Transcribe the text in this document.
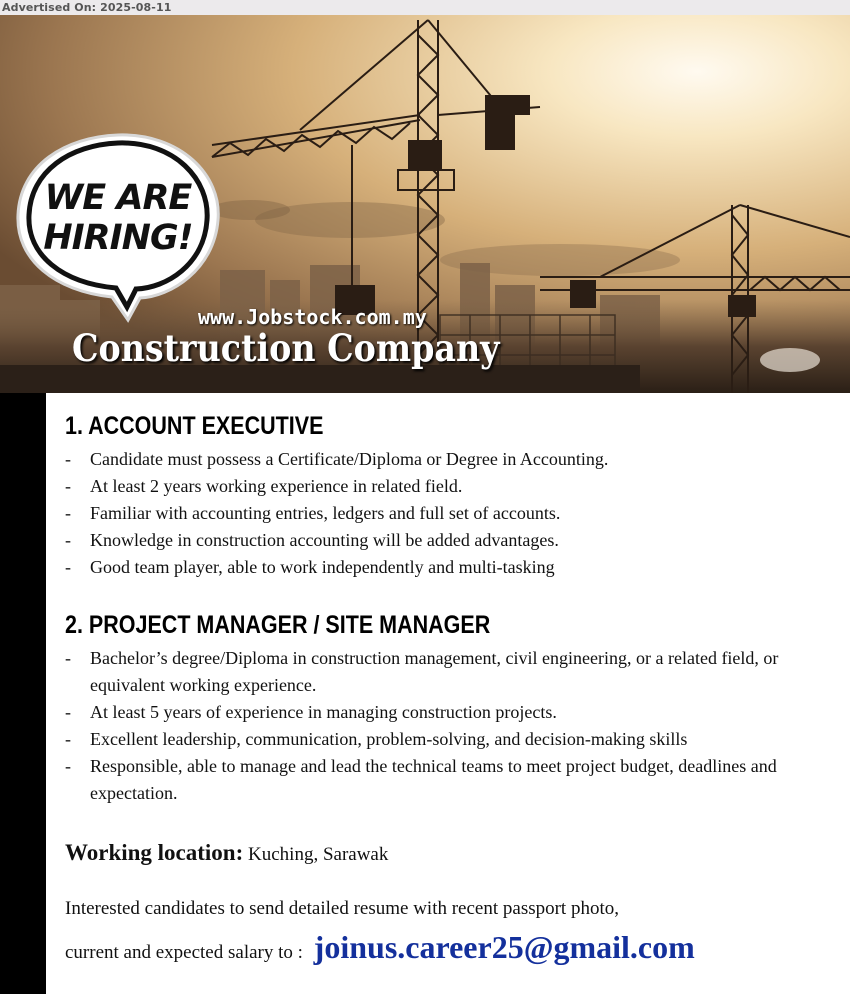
Advertised On: 2025-08-11
WE ARE
HIRING!
www.Jobstock.com.my
Construction Company
1. ACCOUNT EXECUTIVE
- Candidate must possess a Certificate/Diploma or Degree in Accounting.
- At least 2 years working experience in related field.
- Familiar with accounting entries, ledgers and full set of accounts.
- Knowledge in construction accounting will be added advantages.
- Good team player, able to work independently and multi-tasking
2. PROJECT MANAGER / SITE MANAGER
- Bachelor’s degree/Diploma in construction management, civil engineering, or a related field, or equivalent working experience.
- At least 5 years of experience in managing construction projects.
- Excellent leadership, communication, problem-solving, and decision-making skills
- Responsible, able to manage and lead the technical teams to meet project budget, deadlines and expectation.
Working location: Kuching, Sarawak
Interested candidates to send detailed resume with recent passport photo,
current and expected salary to : joinus.career25@gmail.com
